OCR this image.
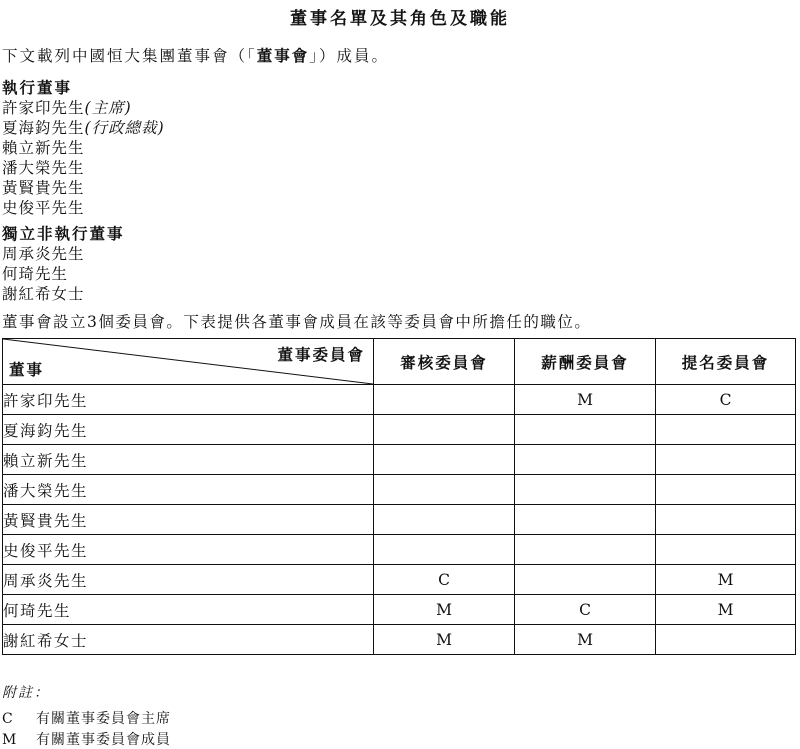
董事名單及其角色及職能
下文載列中國恒大集團董事會（「董事會」）成員。
執行董事
許家印先生(主席)
夏海鈞先生(行政總裁)
賴立新先生
潘大榮先生
黃賢貴先生
史俊平先生
獨立非執行董事
周承炎先生
何琦先生
謝紅希女士
董事會設立3個委員會。下表提供各董事會成員在該等委員會中所擔任的職位。
董事委員會
董事	審核委員會	薪酬委員會	提名委員會
許家印先生		M	C
夏海鈞先生			
賴立新先生			
潘大榮先生			
黃賢貴先生			
史俊平先生			
周承炎先生	C		M
何琦先生	M	C	M
謝紅希女士	M	M	
附註：
C 有關董事委員會主席
M 有關董事委員會成員
